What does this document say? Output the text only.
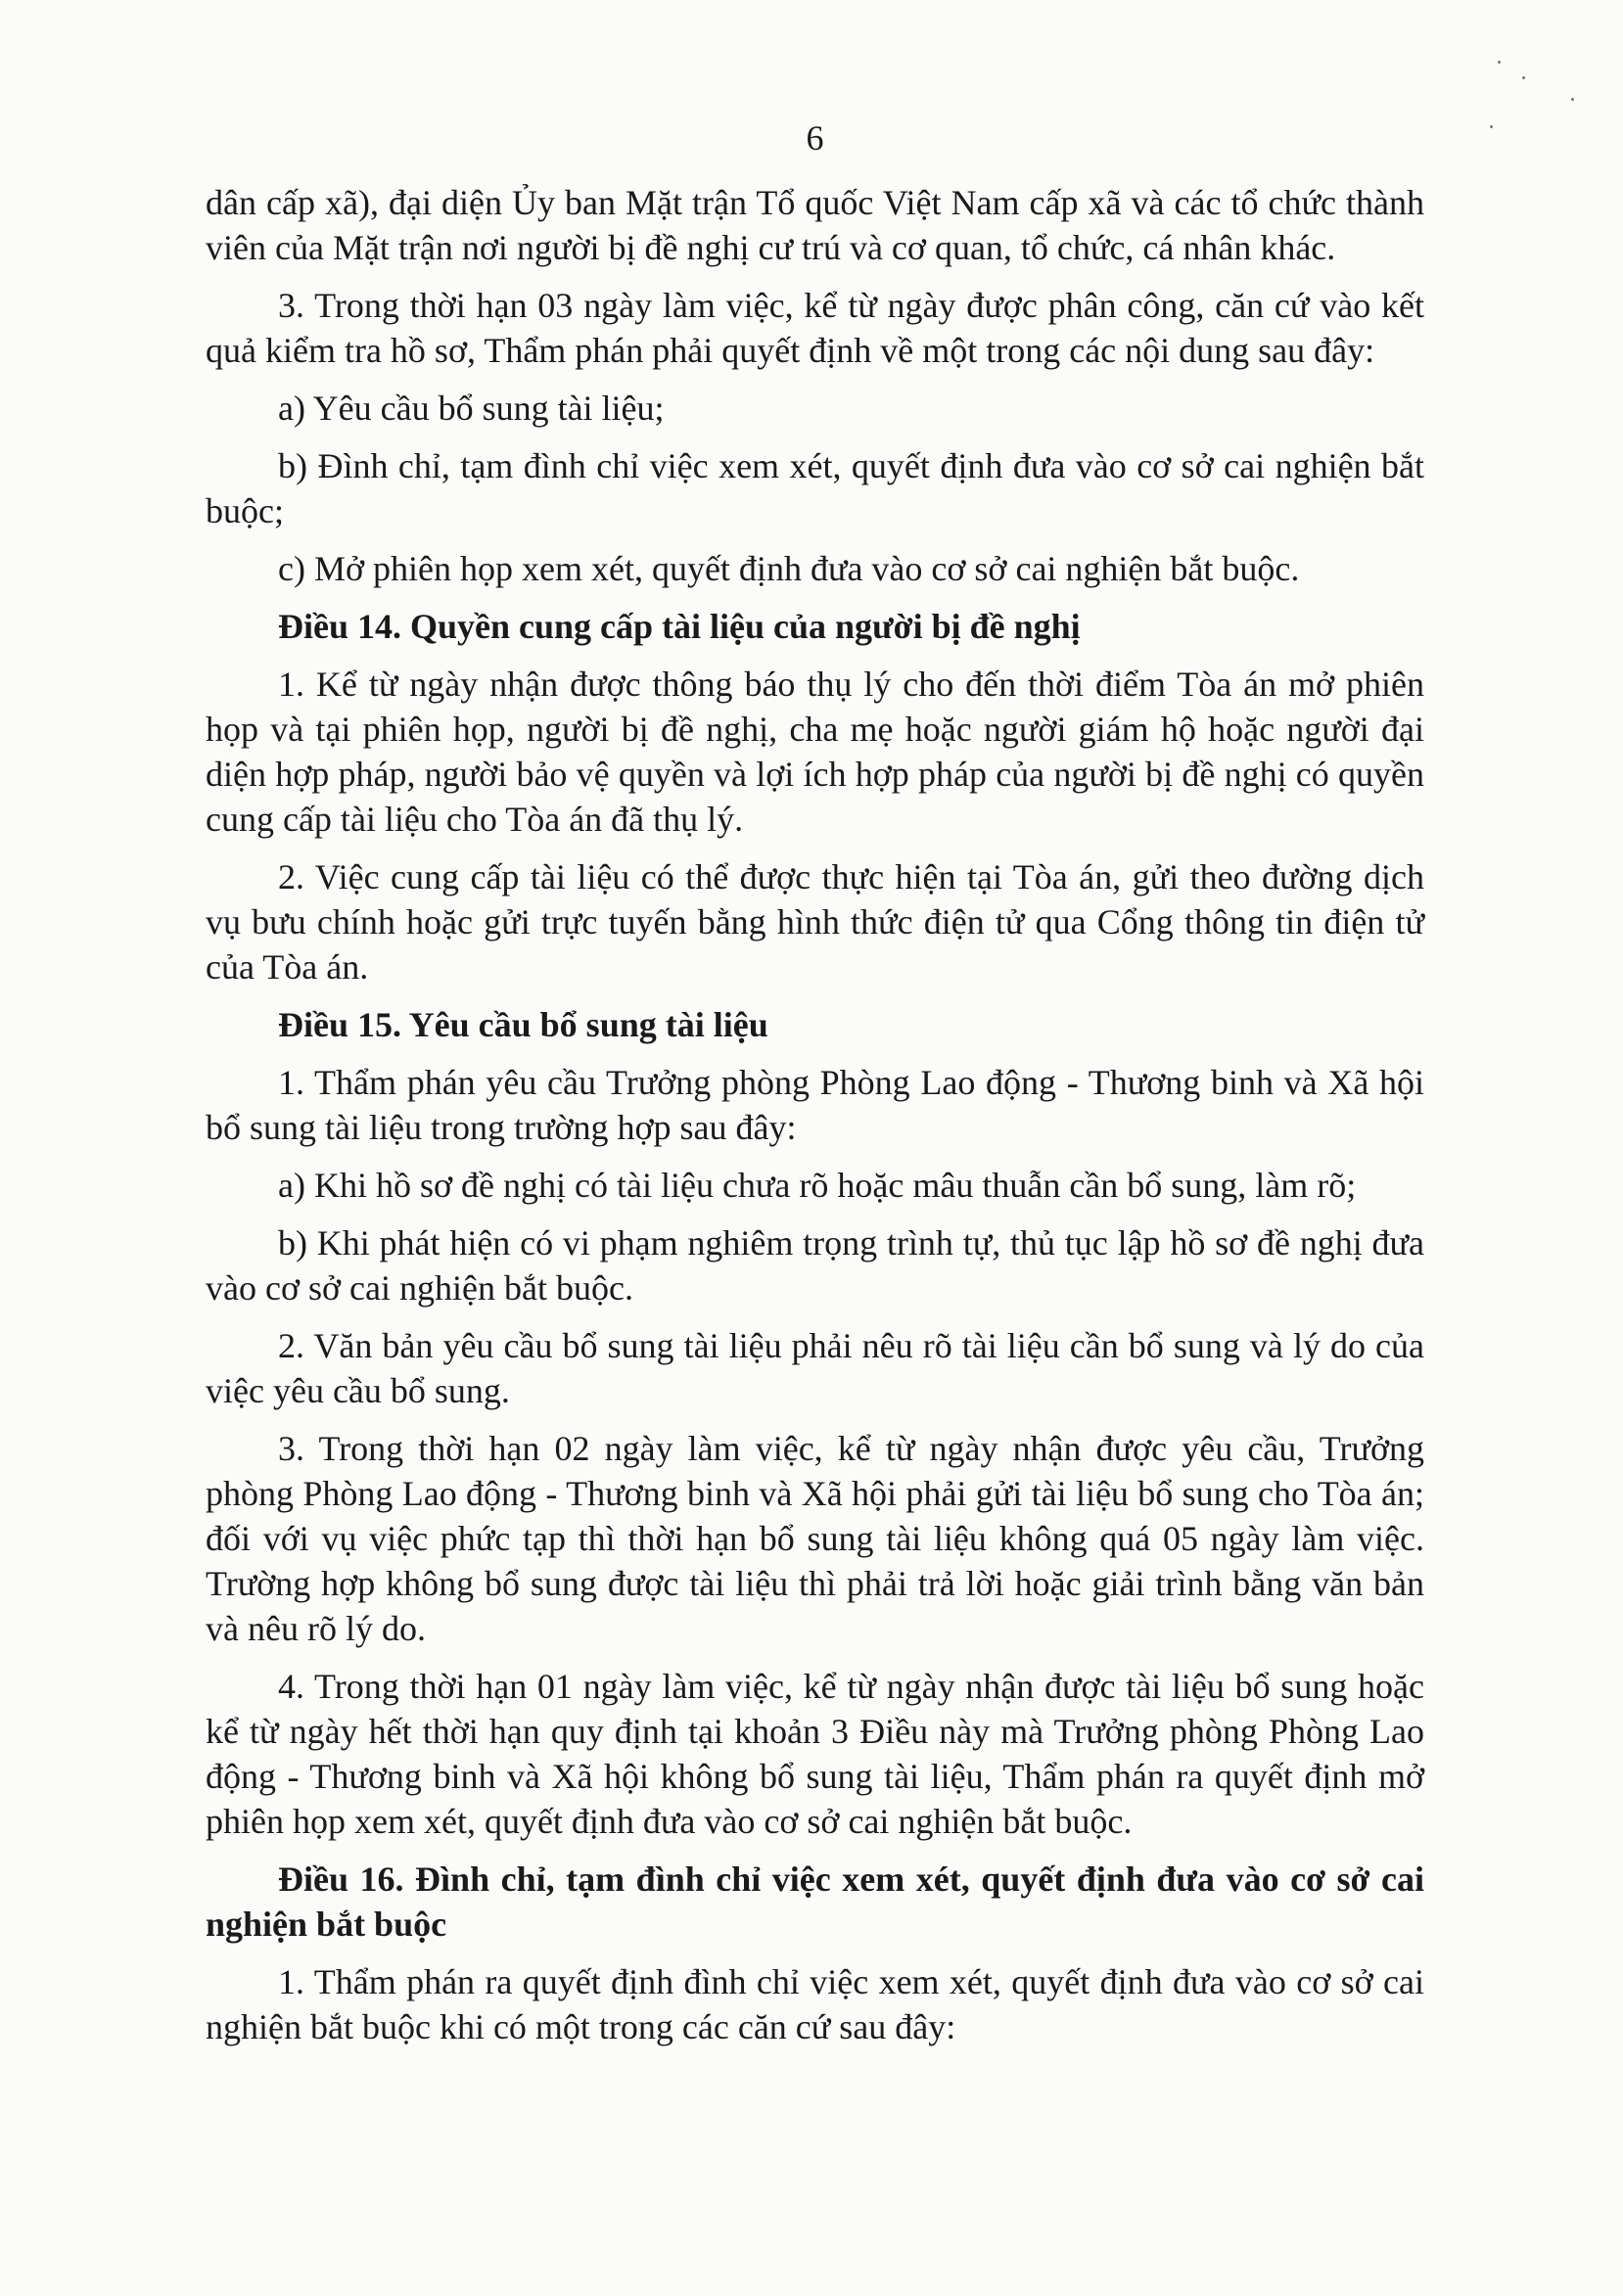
6

dân cấp xã), đại diện Ủy ban Mặt trận Tổ quốc Việt Nam cấp xã và các tổ chức thành viên của Mặt trận nơi người bị đề nghị cư trú và cơ quan, tổ chức, cá nhân khác.

3. Trong thời hạn 03 ngày làm việc, kể từ ngày được phân công, căn cứ vào kết quả kiểm tra hồ sơ, Thẩm phán phải quyết định về một trong các nội dung sau đây:

a) Yêu cầu bổ sung tài liệu;

b) Đình chỉ, tạm đình chỉ việc xem xét, quyết định đưa vào cơ sở cai nghiện bắt buộc;

c) Mở phiên họp xem xét, quyết định đưa vào cơ sở cai nghiện bắt buộc.

Điều 14. Quyền cung cấp tài liệu của người bị đề nghị

1. Kể từ ngày nhận được thông báo thụ lý cho đến thời điểm Tòa án mở phiên họp và tại phiên họp, người bị đề nghị, cha mẹ hoặc người giám hộ hoặc người đại diện hợp pháp, người bảo vệ quyền và lợi ích hợp pháp của người bị đề nghị có quyền cung cấp tài liệu cho Tòa án đã thụ lý.

2. Việc cung cấp tài liệu có thể được thực hiện tại Tòa án, gửi theo đường dịch vụ bưu chính hoặc gửi trực tuyến bằng hình thức điện tử qua Cổng thông tin điện tử của Tòa án.

Điều 15. Yêu cầu bổ sung tài liệu

1. Thẩm phán yêu cầu Trưởng phòng Phòng Lao động - Thương binh và Xã hội bổ sung tài liệu trong trường hợp sau đây:

a) Khi hồ sơ đề nghị có tài liệu chưa rõ hoặc mâu thuẫn cần bổ sung, làm rõ;

b) Khi phát hiện có vi phạm nghiêm trọng trình tự, thủ tục lập hồ sơ đề nghị đưa vào cơ sở cai nghiện bắt buộc.

2. Văn bản yêu cầu bổ sung tài liệu phải nêu rõ tài liệu cần bổ sung và lý do của việc yêu cầu bổ sung.

3. Trong thời hạn 02 ngày làm việc, kể từ ngày nhận được yêu cầu, Trưởng phòng Phòng Lao động - Thương binh và Xã hội phải gửi tài liệu bổ sung cho Tòa án; đối với vụ việc phức tạp thì thời hạn bổ sung tài liệu không quá 05 ngày làm việc. Trường hợp không bổ sung được tài liệu thì phải trả lời hoặc giải trình bằng văn bản và nêu rõ lý do.

4. Trong thời hạn 01 ngày làm việc, kể từ ngày nhận được tài liệu bổ sung hoặc kể từ ngày hết thời hạn quy định tại khoản 3 Điều này mà Trưởng phòng Phòng Lao động - Thương binh và Xã hội không bổ sung tài liệu, Thẩm phán ra quyết định mở phiên họp xem xét, quyết định đưa vào cơ sở cai nghiện bắt buộc.

Điều 16. Đình chỉ, tạm đình chỉ việc xem xét, quyết định đưa vào cơ sở cai nghiện bắt buộc

1. Thẩm phán ra quyết định đình chỉ việc xem xét, quyết định đưa vào cơ sở cai nghiện bắt buộc khi có một trong các căn cứ sau đây:
